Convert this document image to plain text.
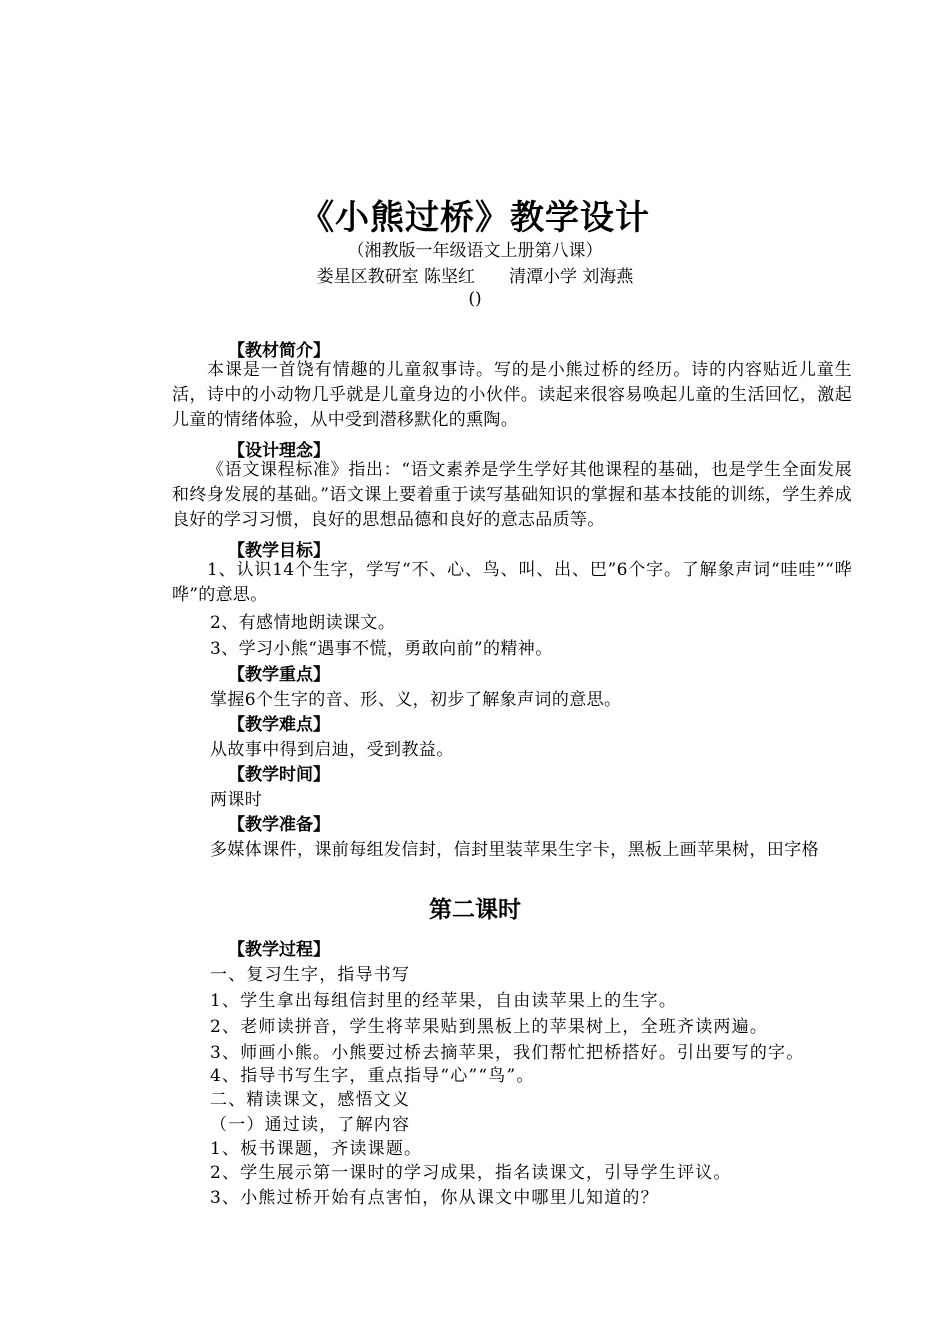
《小熊过桥》教学设计
（湘教版一年级语文上册第八课）
娄星区教研室 陈坚红　　清潭小学 刘海燕
()
【教材简介】
本课是一首饶有情趣的儿童叙事诗。写的是小熊过桥的经历。诗的内容贴近儿童生活，诗中的小动物几乎就是儿童身边的小伙伴。读起来很容易唤起儿童的生活回忆，激起儿童的情绪体验，从中受到潜移默化的熏陶。
【设计理念】
《语文课程标准》指出：“语文素养是学生学好其他课程的基础，也是学生全面发展和终身发展的基础。”语文课上要着重于读写基础知识的掌握和基本技能的训练，学生养成良好的学习习惯，良好的思想品德和良好的意志品质等。
【教学目标】
1、认识14个生字，学写“不、心、鸟、叫、出、巴”6个字。了解象声词“哇哇”“哗哗”的意思。
2、有感情地朗读课文。
3、学习小熊“遇事不慌，勇敢向前”的精神。
【教学重点】
掌握6个生字的音、形、义，初步了解象声词的意思。
【教学难点】
从故事中得到启迪，受到教益。
【教学时间】
两课时
【教学准备】
多媒体课件，课前每组发信封，信封里装苹果生字卡，黑板上画苹果树，田字格
第二课时
【教学过程】
一、复习生字，指导书写
1、学生拿出每组信封里的经苹果，自由读苹果上的生字。
2、老师读拼音，学生将苹果贴到黑板上的苹果树上，全班齐读两遍。
3、师画小熊。小熊要过桥去摘苹果，我们帮忙把桥搭好。引出要写的字。
4、指导书写生字，重点指导“心”“鸟”。
二、精读课文，感悟文义
（一）通过读，了解内容
1、板书课题，齐读课题。
2、学生展示第一课时的学习成果，指名读课文，引导学生评议。
3、小熊过桥开始有点害怕，你从课文中哪里儿知道的？
